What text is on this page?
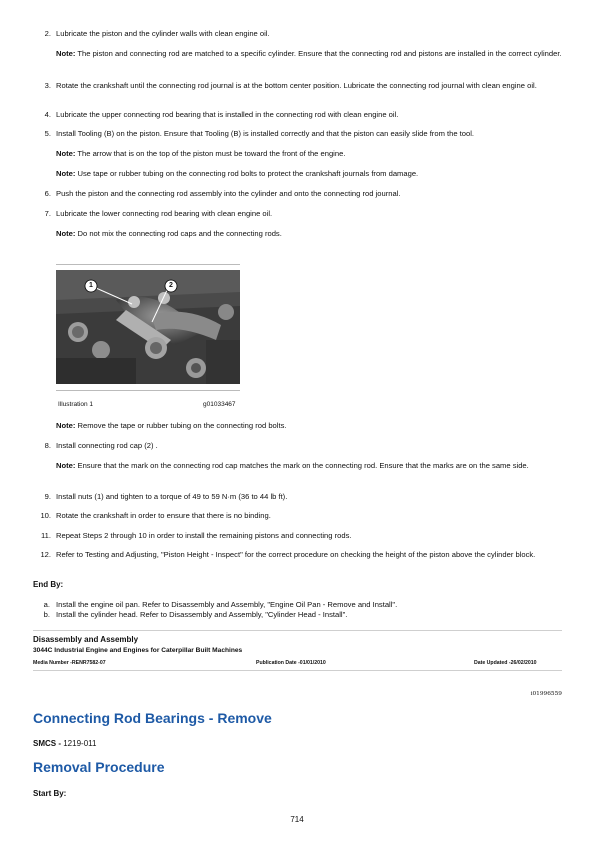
2. Lubricate the piston and the cylinder walls with clean engine oil.
Note: The piston and connecting rod are matched to a specific cylinder. Ensure that the connecting rod and pistons are installed in the correct cylinder.
3. Rotate the crankshaft until the connecting rod journal is at the bottom center position. Lubricate the connecting rod journal with clean engine oil.
4. Lubricate the upper connecting rod bearing that is installed in the connecting rod with clean engine oil.
5. Install Tooling (B) on the piston. Ensure that Tooling (B) is installed correctly and that the piston can easily slide from the tool.
Note: The arrow that is on the top of the piston must be toward the front of the engine.
Note: Use tape or rubber tubing on the connecting rod bolts to protect the crankshaft journals from damage.
6. Push the piston and the connecting rod assembly into the cylinder and onto the connecting rod journal.
7. Lubricate the lower connecting rod bearing with clean engine oil.
Note: Do not mix the connecting rod caps and the connecting rods.
1	2
Illustration 1	g01033467
Note: Remove the tape or rubber tubing on the connecting rod bolts.
8. Install connecting rod cap (2) .
Note: Ensure that the mark on the connecting rod cap matches the mark on the connecting rod. Ensure that the marks are on the same side.
9. Install nuts (1) and tighten to a torque of 49 to 59 N·m (36 to 44 lb ft).
10. Rotate the crankshaft in order to ensure that there is no binding.
11. Repeat Steps 2 through 10 in order to install the remaining pistons and connecting rods.
12. Refer to Testing and Adjusting, "Piston Height - Inspect" for the correct procedure on checking the height of the piston above the cylinder block.
End By:
a. Install the engine oil pan. Refer to Disassembly and Assembly, "Engine Oil Pan - Remove and Install".
b. Install the cylinder head. Refer to Disassembly and Assembly, "Cylinder Head - Install".
Disassembly and Assembly
3044C Industrial Engine and Engines for Caterpillar Built Machines
Media Number -RENR7582-07	Publication Date -01/01/2010	Date Updated -26/02/2010
i01996559
Connecting Rod Bearings - Remove
SMCS - 1219-011
Removal Procedure
Start By:
714
